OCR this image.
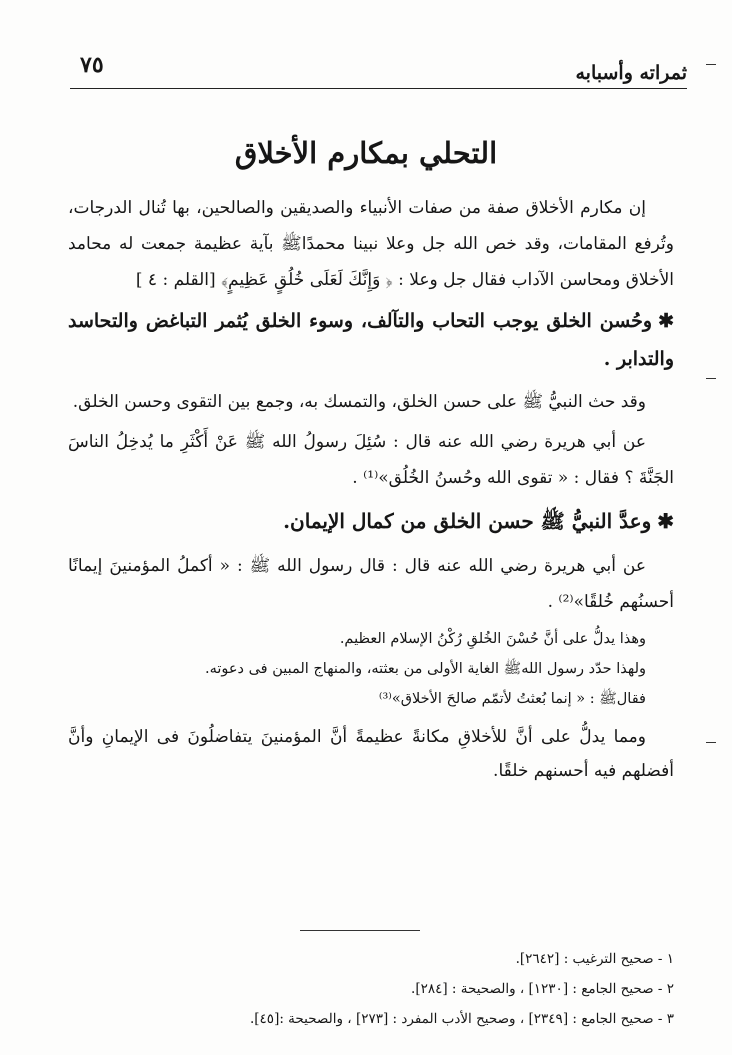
ثمراته وأسبابه
٧٥
التحلي بمكارم الأخلاق

إن مكارم الأخلاق صفة من صفات الأنبياء والصديقين والصالحين، بها تُنال الدرجات، وتُرفع المقامات، وقد خص الله جل وعلا نبينا محمدًاﷺ بآية عظيمة جمعت له محامد الأخلاق ومحاسن الآداب فقال جل وعلا : ﴿ وَإِنَّكَ لَعَلَى خُلُقٍ عَظِيمٍ﴾ [القلم : ٤ ]

✱وحُسن الخلق يوجب التحاب والتآلف، وسوء الخلق يُثمر التباغض والتحاسد والتدابر .

وقد حث النبيُّ ﷺ على حسن الخلق، والتمسك به، وجمع بين التقوى وحسن الخلق.

عن أبي هريرة رضي الله عنه قال : سُئِلَ رسولُ الله ﷺ عَنْ أَكْثَرِ ما يُدخِلُ الناسَ الجَنَّةَ ؟ فقال : « تقوى الله وحُسنُ الخُلُق»⁽¹⁾ .

✱وعدَّ النبيُّ ﷺ حسن الخلق من كمال الإيمان.

عن أبي هريرة رضي الله عنه قال : قال رسول الله ﷺ : « أكملُ المؤمنينَ إيمانًا أحسنُهم خُلقًا»⁽²⁾ .

وهذا يدلُّ على أنَّ حُسْنَ الخُلقِ رُكْنُ الإسلام العظيم.

ولهذا حدّد رسول اللهﷺ الغاية الأولى من بعثته، والمنهاج المبين فى دعوته.

فقالﷺ : « إنما بُعثتُ لأتمّم صالحَ الأخلاق»⁽³⁾

ومما يدلُّ على أنَّ للأخلاقِ مكانةً عظيمةً أنَّ المؤمنينَ يتفاضلُونَ فى الإيمانِ وأنَّ أفضلهم فيه أحسنهم خلقًا.

١ - صحيح الترغيب : [٢٦٤٢].

٢ - صحيح الجامع : [١٢٣٠] ، والصحيحة : [٢٨٤].

٣ - صحيح الجامع : [٢٣٤٩] ، وصحيح الأدب المفرد : [٢٧٣] ، والصحيحة :[٤٥].
